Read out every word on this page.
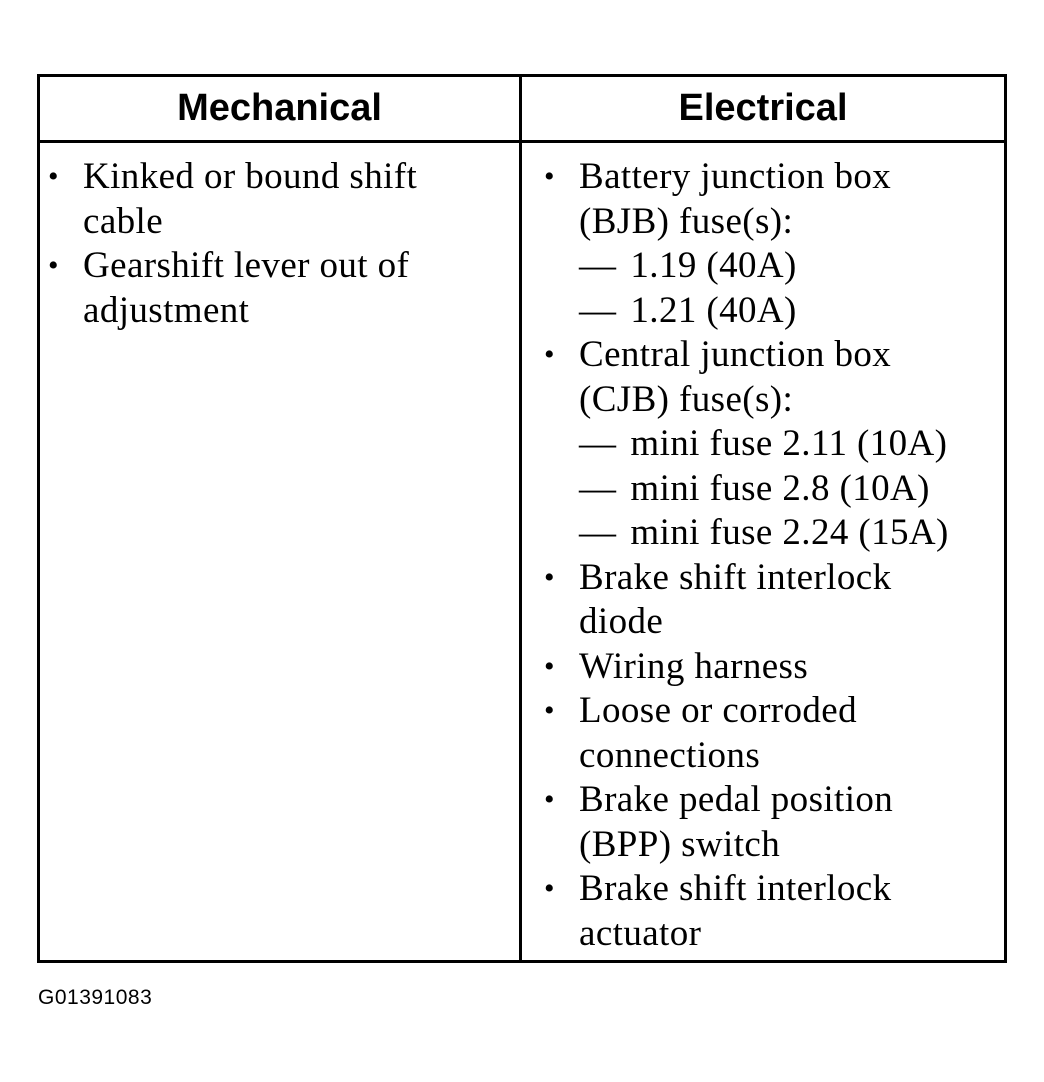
Mechanical	Electrical
• Kinked or bound shift
cable
• Gearshift lever out of
adjustment
• Battery junction box
(BJB) fuse(s):
— 1.19 (40A)
— 1.21 (40A)
• Central junction box
(CJB) fuse(s):
— mini fuse 2.11 (10A)
— mini fuse 2.8 (10A)
— mini fuse 2.24 (15A)
• Brake shift interlock
diode
• Wiring harness
• Loose or corroded
connections
• Brake pedal position
(BPP) switch
• Brake shift interlock
actuator
G01391083
